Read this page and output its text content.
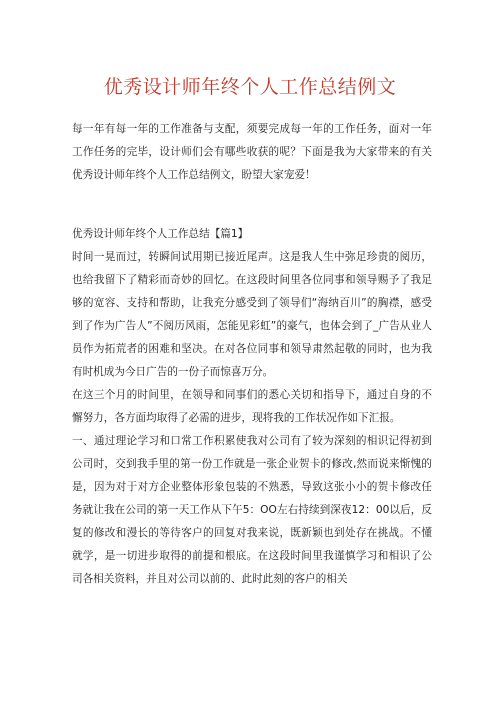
优秀设计师年终个人工作总结例文
每一年有每一年的工作准备与支配，须要完成每一年的工作任务，面对一年工作任务的完毕，设计师们会有哪些收获的呢？下面是我为大家带来的有关优秀设计师年终个人工作总结例文，盼望大家宠爱！
优秀设计师年终个人工作总结【篇1】

时间一晃而过，转瞬间试用期已接近尾声。这是我人生中弥足珍贵的阅历，也给我留下了精彩而奇妙的回忆。在这段时间里各位同事和领导赐予了我足够的宽容、支持和帮助，让我充分感受到了领导们“海纳百川”的胸襟，感受到了作为广告人”不阅历风雨，怎能见彩虹”的豪气，也体会到了_广告从业人员作为拓荒者的困难和坚决。在对各位同事和领导肃然起敬的同时，也为我有时机成为今日广告的一份子而惊喜万分。

在这三个月的时间里，在领导和同事们的悉心关切和指导下，通过自身的不懈努力，各方面均取得了必需的进步，现将我的工作状况作如下汇报。

一、通过理论学习和口常工作积累使我对公司有了较为深刻的相识记得初到公司时，交到我手里的第一份工作就是一张企业贺卡的修改,然而说来惭愧的是，因为对于对方企业整体形象包装的不熟悉，导致这张小小的贺卡修改任务就让我在公司的第一天工作从下午5：OO左右持续到深夜12：00以后，反复的修改和漫长的等待客户的回复对我来说，既新颖也到处存在挑战。不懂就学，是一切进步取得的前提和根底。在这段时间里我谨慎学习和相识了公司各相关资料，并且对公司以前的、此时此刻的客户的相关
